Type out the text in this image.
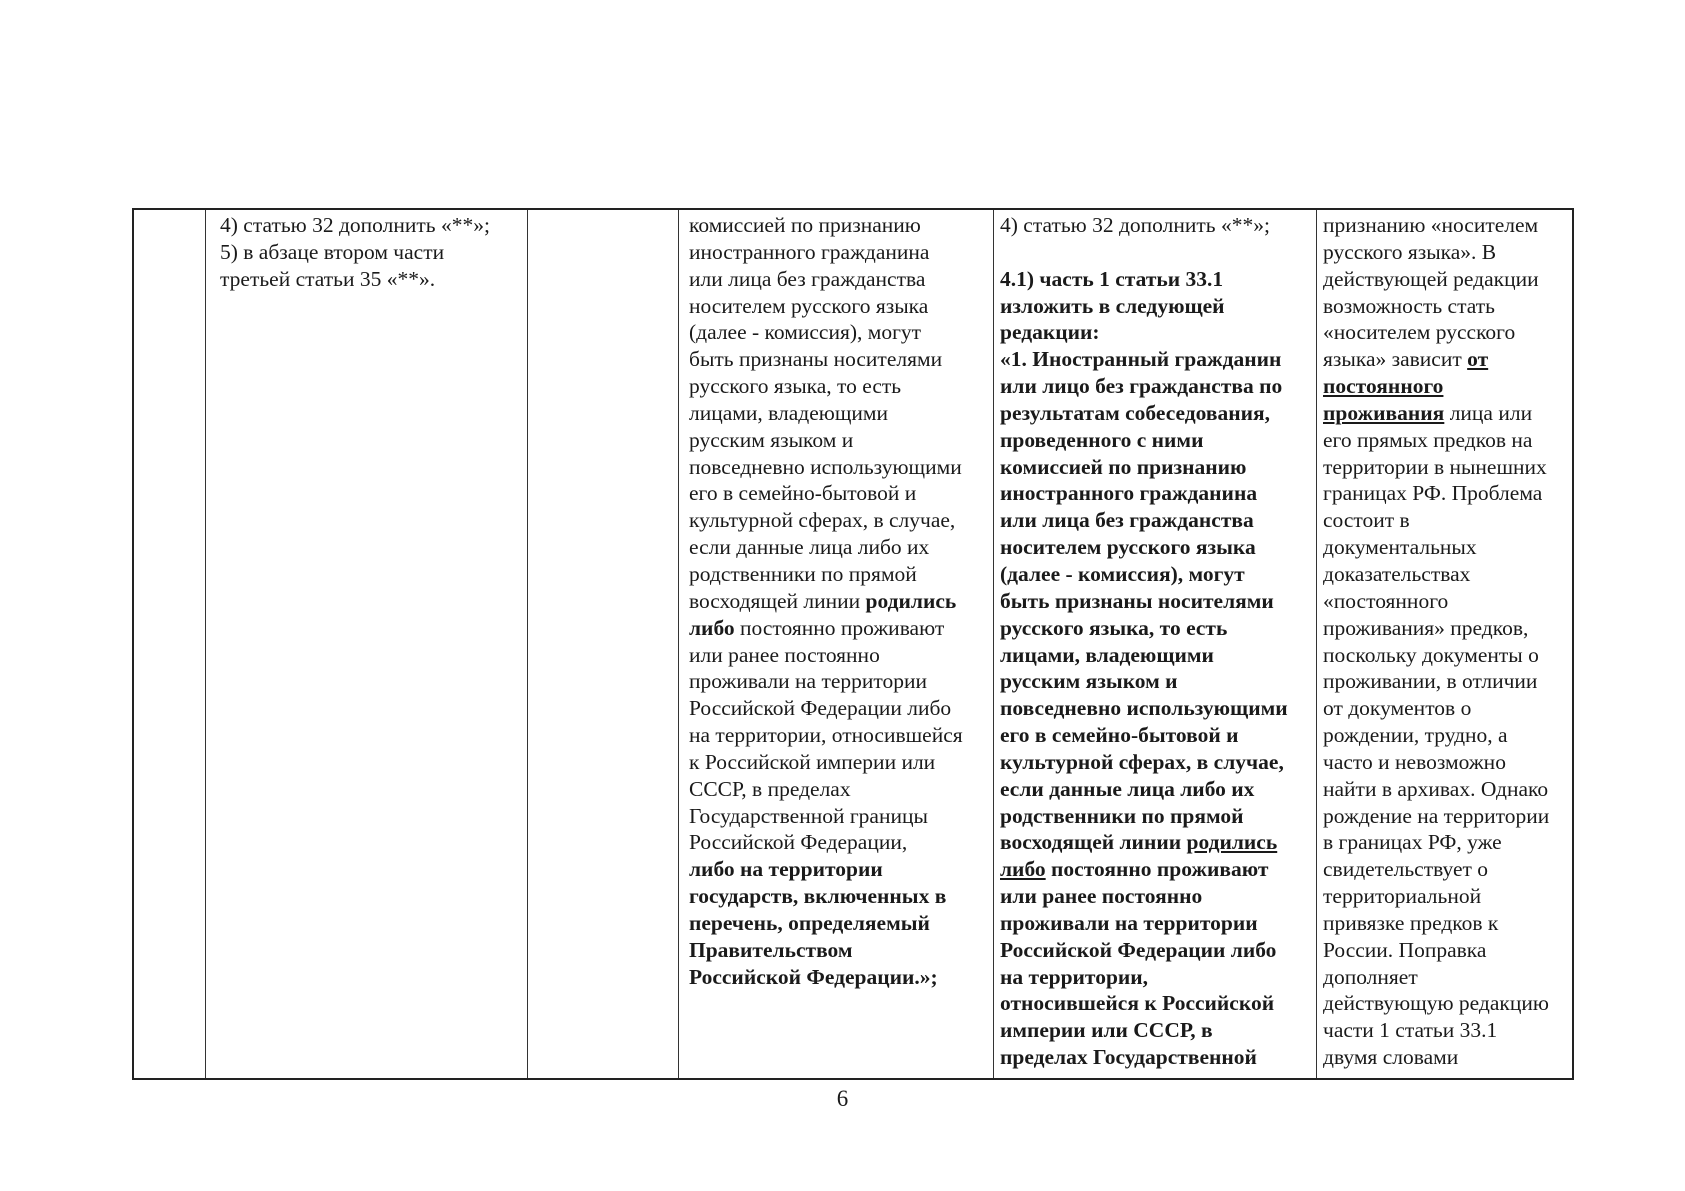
4) статью 32 дополнить «**»;
5) в абзаце втором части
третьей статьи 35 «**».
комиссией по признанию
иностранного гражданина
или лица без гражданства
носителем русского языка
(далее - комиссия), могут
быть признаны носителями
русского языка, то есть
лицами, владеющими
русским языком и
повседневно использующими
его в семейно-бытовой и
культурной сферах, в случае,
если данные лица либо их
родственники по прямой
восходящей линии родились
либо постоянно проживают
или ранее постоянно
проживали на территории
Российской Федерации либо
на территории, относившейся
к Российской империи или
СССР, в пределах
Государственной границы
Российской Федерации,
либо на территории
государств, включенных в
перечень, определяемый
Правительством
Российской Федерации.»;
4) статью 32 дополнить «**»;
4.1) часть 1 статьи 33.1
изложить в следующей
редакции:
«1. Иностранный гражданин
или лицо без гражданства по
результатам собеседования,
проведенного с ними
комиссией по признанию
иностранного гражданина
или лица без гражданства
носителем русского языка
(далее - комиссия), могут
быть признаны носителями
русского языка, то есть
лицами, владеющими
русским языком и
повседневно использующими
его в семейно-бытовой и
культурной сферах, в случае,
если данные лица либо их
родственники по прямой
восходящей линии родились
либо постоянно проживают
или ранее постоянно
проживали на территории
Российской Федерации либо
на территории,
относившейся к Российской
империи или СССР, в
пределах Государственной
признанию «носителем
русского языка». В
действующей редакции
возможность стать
«носителем русского
языка» зависит от
постоянного
проживания лица или
его прямых предков на
территории в нынешних
границах РФ. Проблема
состоит в
документальных
доказательствах
«постоянного
проживания» предков,
поскольку документы о
проживании, в отличии
от документов о
рождении, трудно, а
часто и невозможно
найти в архивах. Однако
рождение на территории
в границах РФ, уже
свидетельствует о
территориальной
привязке предков к
России. Поправка
дополняет
действующую редакцию
части 1 статьи 33.1
двумя словами
6
